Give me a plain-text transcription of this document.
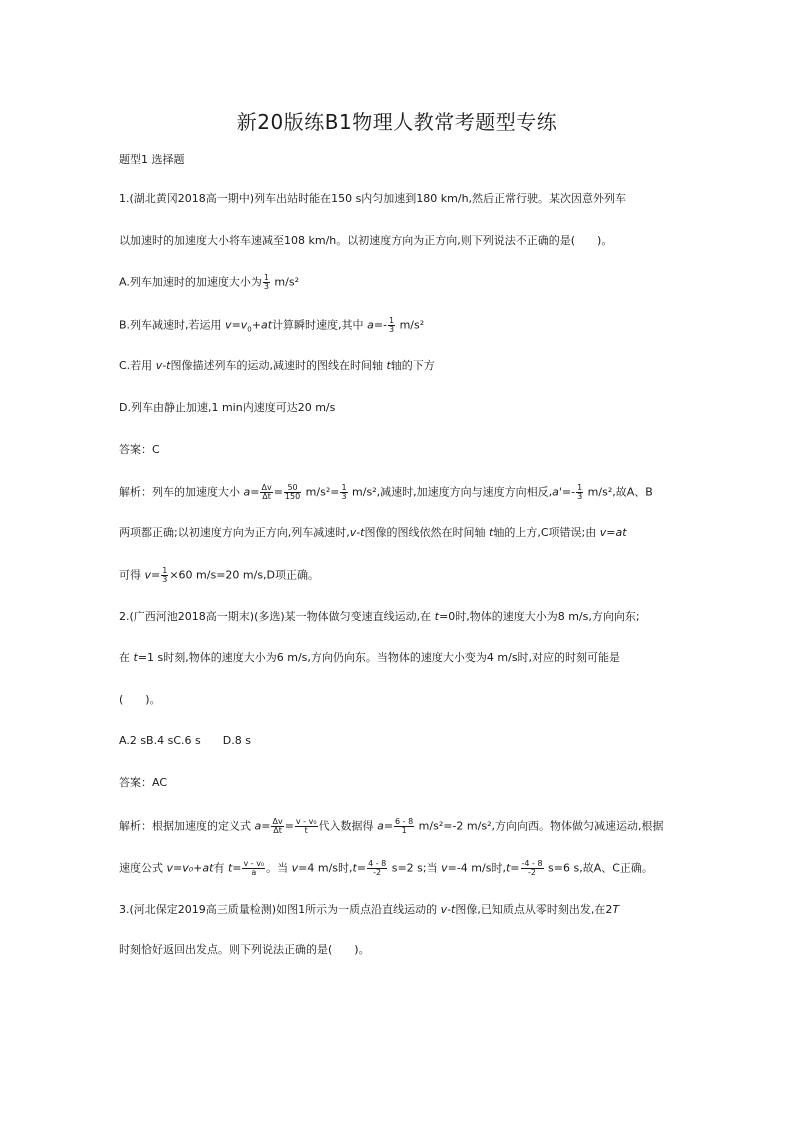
新20版练B1物理人教常考题型专练
题型1 选择题
1.(湖北黄冈2018高一期中)列车出站时能在150 s内匀加速到180 km/h,然后正常行驶。某次因意外列车
以加速时的加速度大小将车速减至108 km/h。以初速度方向为正方向,则下列说法不正确的是(　　)。
A.列车加速时的加速度大小为 $\frac{1}{3} m/s^2$
B.列车减速时,若运用 $v=v_0+at$计算瞬时速度,其中 $a=- \frac{1}{3} m/s^2$
C.若用 v-t图像描述列车的运动,减速时的图线在时间轴 t轴的下方
D.列车由静止加速,1 min内速度可达20 m/s
答案：C
解析：列车的加速度大小 $a= \frac{\Delta v}{\Delta t} = \frac{50}{150} m/s^2= \frac{1}{3} m/s^2$,减速时,加速度方向与速度方向相反$,a'=- \frac{1}{3} m/s^2$,故A、B
两项都正确;以初速度方向为正方向,列车减速时,v-t图像的图线依然在时间轴 t轴的上方,C项错误;由 v=at
可得 $v= \frac{1}{3} \times 60$ m/s=20 m/s,D项正确。
2.(广西河池2018高一期末)(多选)某一物体做匀变速直线运动,在 t=0时,物体的速度大小为8 m/s,方向向东;
在 t=1 s时刻,物体的速度大小为6 m/s,方向仍向东。当物体的速度大小变为4 m/s时,对应的时刻可能是
(　　)。
A.2 sB.4 sC.6 s　　D.8 s
答案：AC
解析：根据加速度的定义式 $a= \frac{\Delta v}{\Delta t} = \frac{\text{v - v₀}}{t}$ 代入数据得 $a= \frac{6 - 8}{1} m/s^2=-2$ m/s²,方向向西。物体做匀减速运动,根据
速度公式 v=v₀+at有 $t= \frac{\text{v - v₀}}{a}$ 。当 v=4 m/s时$,t= \frac{4 - 8}{-2} s=2$ s;当 v=-4 m/s时$,t= \frac{-4 - 8}{-2} s=6$ s,故A、C正确。
3.(河北保定2019高三质量检测)如图1所示为一质点沿直线运动的 v-t图像,已知质点从零时刻出发,在2T
时刻恰好返回出发点。则下列说法正确的是(　　)。
